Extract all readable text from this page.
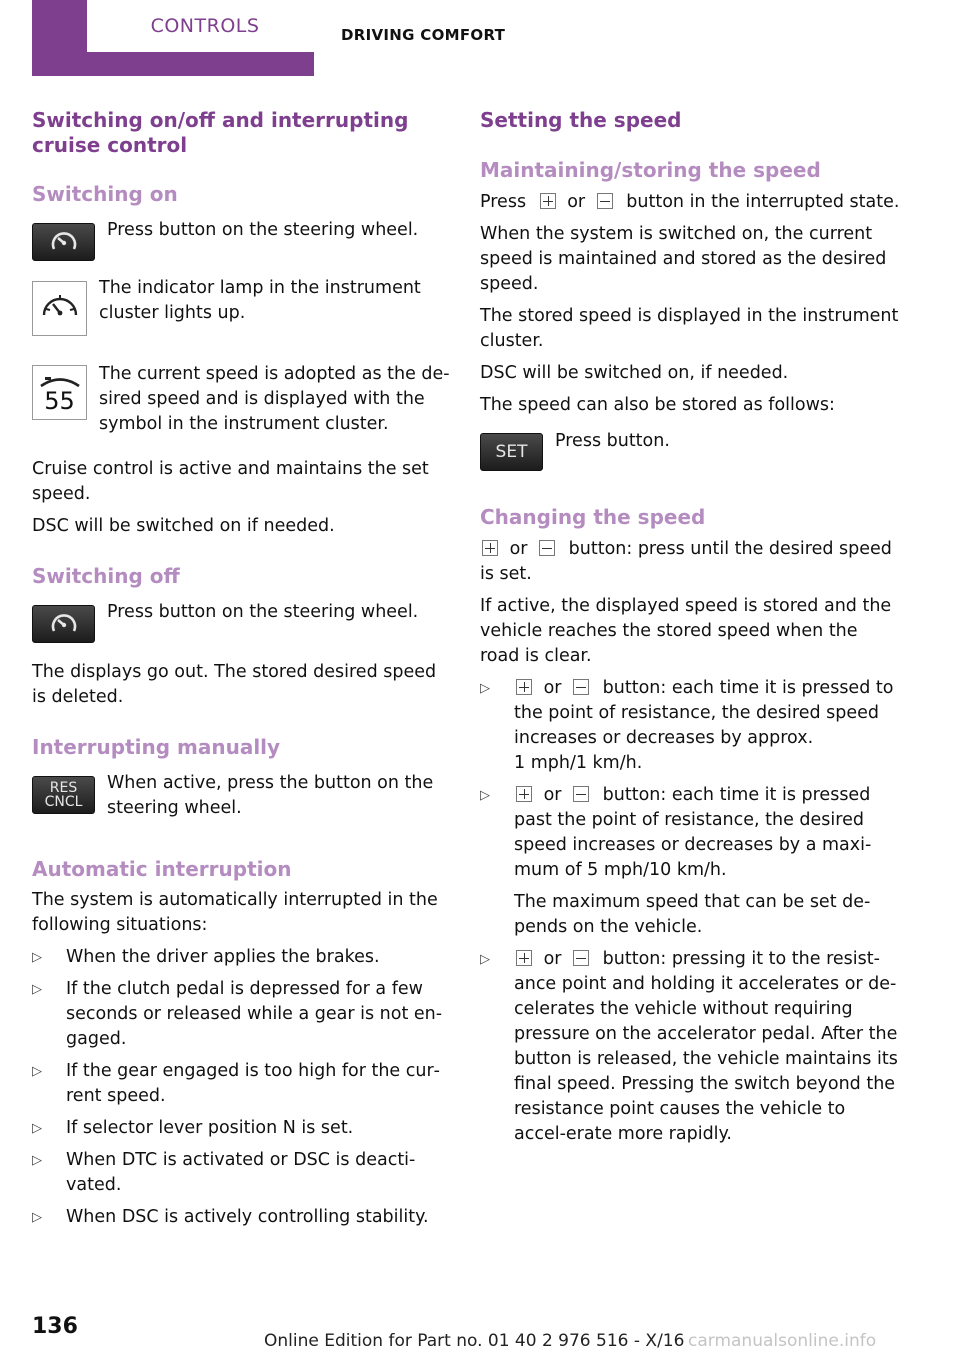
CONTROLS	DRIVING COMFORT
Switching on/off and interrupting cruise control
Switching on
Press button on the steering wheel.
The indicator lamp in the instrument cluster lights up.
55
The current speed is adopted as the de‐sired speed and is displayed with the symbol in the instrument cluster.

Cruise control is active and maintains the set speed.

DSC will be switched on if needed.

Switching off
Press button on the steering wheel.

The displays go out. The stored desired speed is deleted.

Interrupting manually
RES
CNCL
When active, press the button on the steering wheel.
Automatic interruption

The system is automatically interrupted in the following situations:

▷	When the driver applies the brakes.
▷	If the clutch pedal is depressed for a few seconds or released while a gear is not en‐gaged.
▷	If the gear engaged is too high for the cur‐rent speed.
▷	If selector lever position N is set.
▷	When DTC is activated or DSC is deacti‐vated.
▷	When DSC is actively controlling stability.
Setting the speed
Maintaining/storing the speed

Press or button in the interrupted state.

When the system is switched on, the current speed is maintained and stored as the desired speed.

The stored speed is displayed in the instrument cluster.

DSC will be switched on, if needed.

The speed can also be stored as follows:

SET
Press button.
Changing the speed

or button: press until the desired speed is set.

If active, the displayed speed is stored and the vehicle reaches the stored speed when the road is clear.

▷	or button: each time it is pressed to the point of resistance, the desired speed increases or decreases by approx.
1 mph/1 km/h.
▷	or button: each time it is pressed past the point of resistance, the desired speed increases or decreases by a maxi‐mum of 5 mph/10 km/h.
The maximum speed that can be set de‐pends on the vehicle.
▷	or button: pressing it to the resist‐ance point and holding it accelerates or de‐celerates the vehicle without requiring pressure on the accelerator pedal. After the button is released, the vehicle maintains its final speed. Pressing the switch beyond the resistance point causes the vehicle to accel‐erate more rapidly.
136
Online Edition for Part no. 01 40 2 976 516 - X/16 carmanualsonline.info
